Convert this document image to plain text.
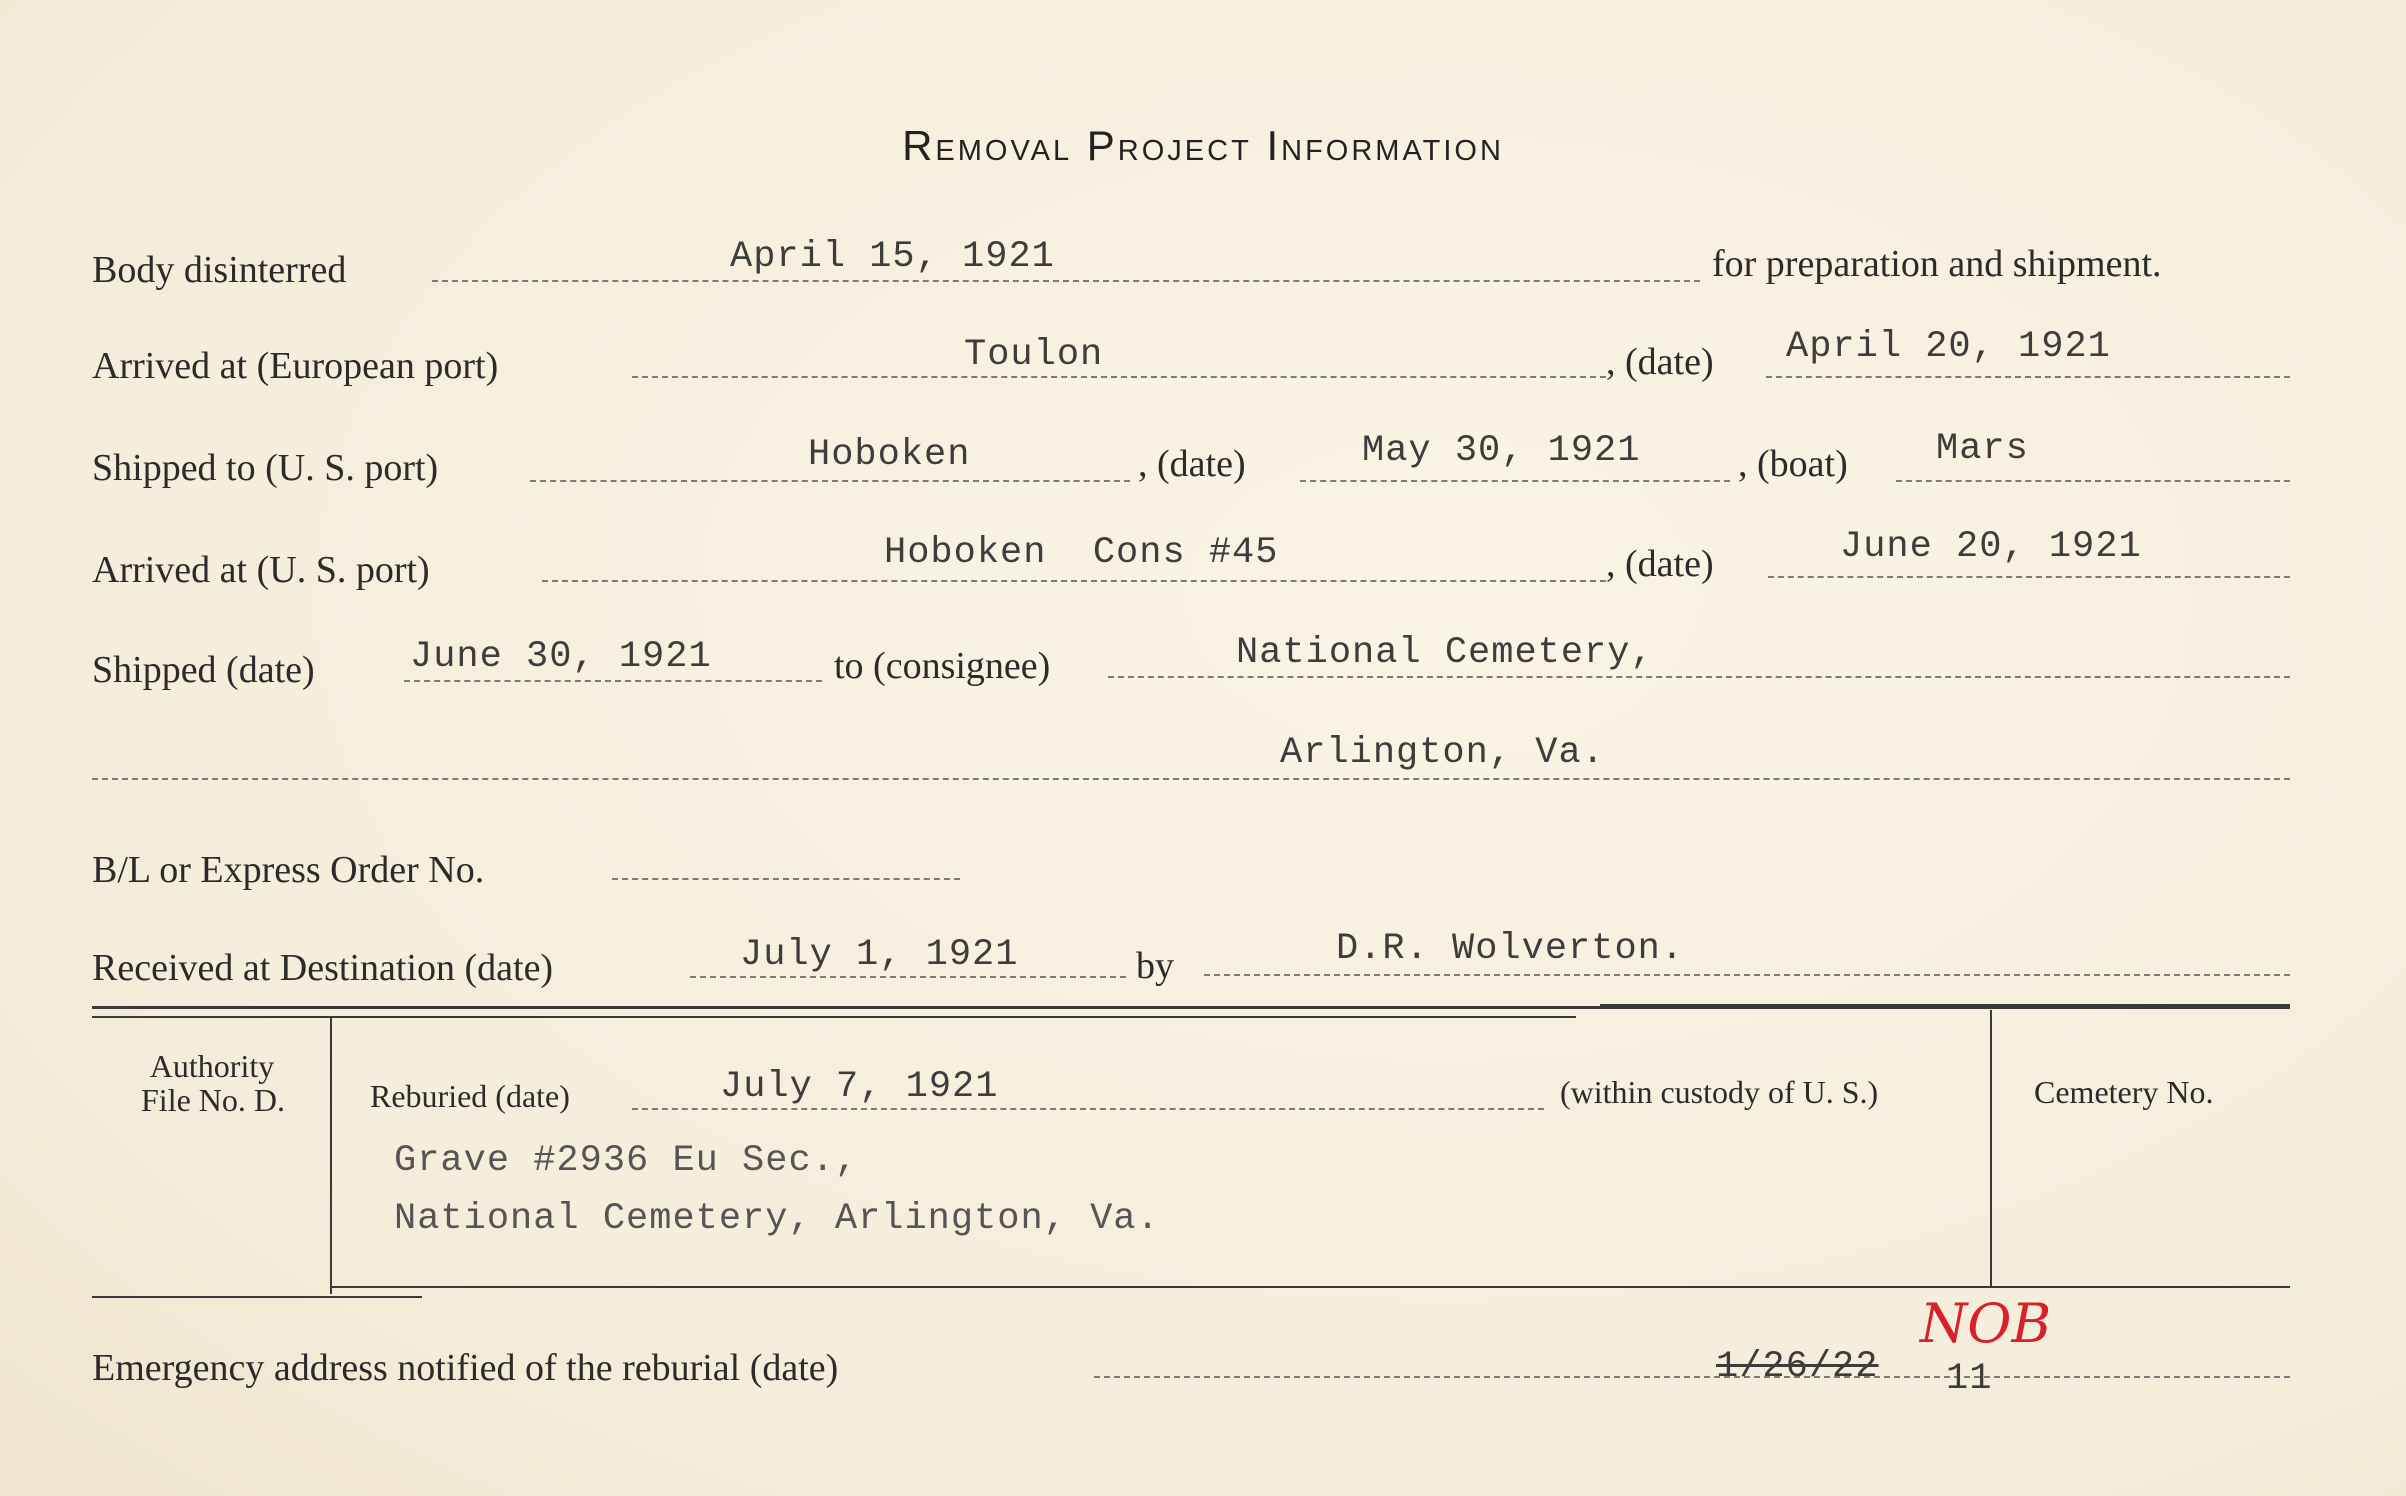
Removal Project Information
Body disinterred	April 15, 1921	for preparation and shipment.
Arrived at (European port)	Toulon	, (date) April 20, 1921
Shipped to (U. S. port)	Hoboken	, (date)	May 30, 1921	, (boat) Mars
Arrived at (U. S. port)	Hoboken  Cons #45	, (date)	June 20, 1921
Shipped (date)	June 30, 1921	to (consignee)	National Cemetery,
Arlington, Va.
B/L or Express Order No.
Received at Destination (date)	July 1, 1921	by	D.R. Wolverton.
Authority
File No. D.	Reburied (date)	July 7, 1921	(within custody of U. S.)
Grave #2936 Eu Sec.,
National Cemetery, Arlington, Va.
Cemetery No.
Emergency address notified of the reburial (date)	1/26/22 11
NOB
